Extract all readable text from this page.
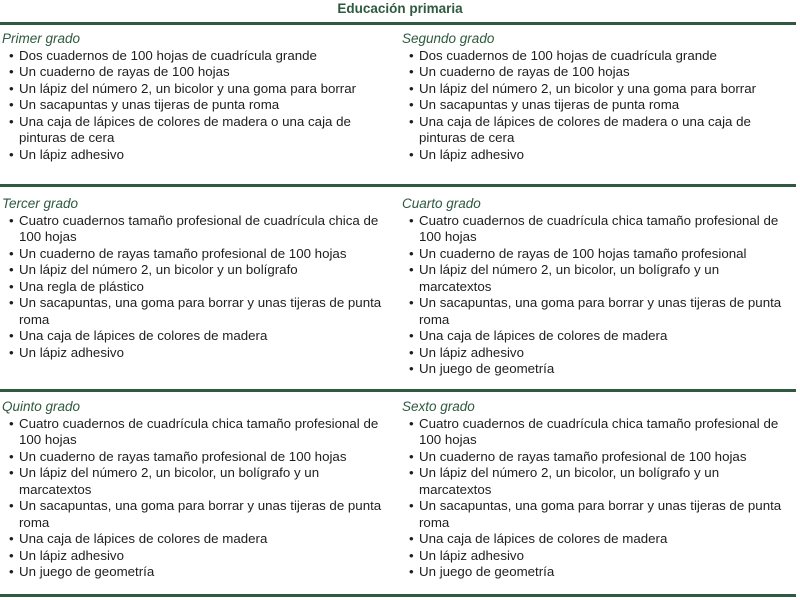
Educación primaria
Primer grado
• Dos cuadernos de 100 hojas de cuadrícula grande
• Un cuaderno de rayas de 100 hojas
• Un lápiz del número 2, un bicolor y una goma para borrar
• Un sacapuntas y unas tijeras de punta roma
• Una caja de lápices de colores de madera o una caja de pinturas de cera
• Un lápiz adhesivo
Segundo grado
• Dos cuadernos de 100 hojas de cuadrícula grande
• Un cuaderno de rayas de 100 hojas
• Un lápiz del número 2, un bicolor y una goma para borrar
• Un sacapuntas y unas tijeras de punta roma
• Una caja de lápices de colores de madera o una caja de pinturas de cera
• Un lápiz adhesivo
Tercer grado
• Cuatro cuadernos tamaño profesional de cuadrícula chica de 100 hojas
• Un cuaderno de rayas tamaño profesional de 100 hojas
• Un lápiz del número 2, un bicolor y un bolígrafo
• Una regla de plástico
• Un sacapuntas, una goma para borrar y unas tijeras de punta roma
• Una caja de lápices de colores de madera
• Un lápiz adhesivo
Cuarto grado
• Cuatro cuadernos de cuadrícula chica tamaño profesional de 100 hojas
• Un cuaderno de rayas de 100 hojas tamaño profesional
• Un lápiz del número 2, un bicolor, un bolígrafo y un marcatextos
• Un sacapuntas, una goma para borrar y unas tijeras de punta roma
• Una caja de lápices de colores de madera
• Un lápiz adhesivo
• Un juego de geometría
Quinto grado
• Cuatro cuadernos de cuadrícula chica tamaño profesional de 100 hojas
• Un cuaderno de rayas tamaño profesional de 100 hojas
• Un lápiz del número 2, un bicolor, un bolígrafo y un marcatextos
• Un sacapuntas, una goma para borrar y unas tijeras de punta roma
• Una caja de lápices de colores de madera
• Un lápiz adhesivo
• Un juego de geometría
Sexto grado
• Cuatro cuadernos de cuadrícula chica tamaño profesional de 100 hojas
• Un cuaderno de rayas tamaño profesional de 100 hojas
• Un lápiz del número 2, un bicolor, un bolígrafo y un marcatextos
• Un sacapuntas, una goma para borrar y unas tijeras de punta roma
• Una caja de lápices de colores de madera
• Un lápiz adhesivo
• Un juego de geometría
